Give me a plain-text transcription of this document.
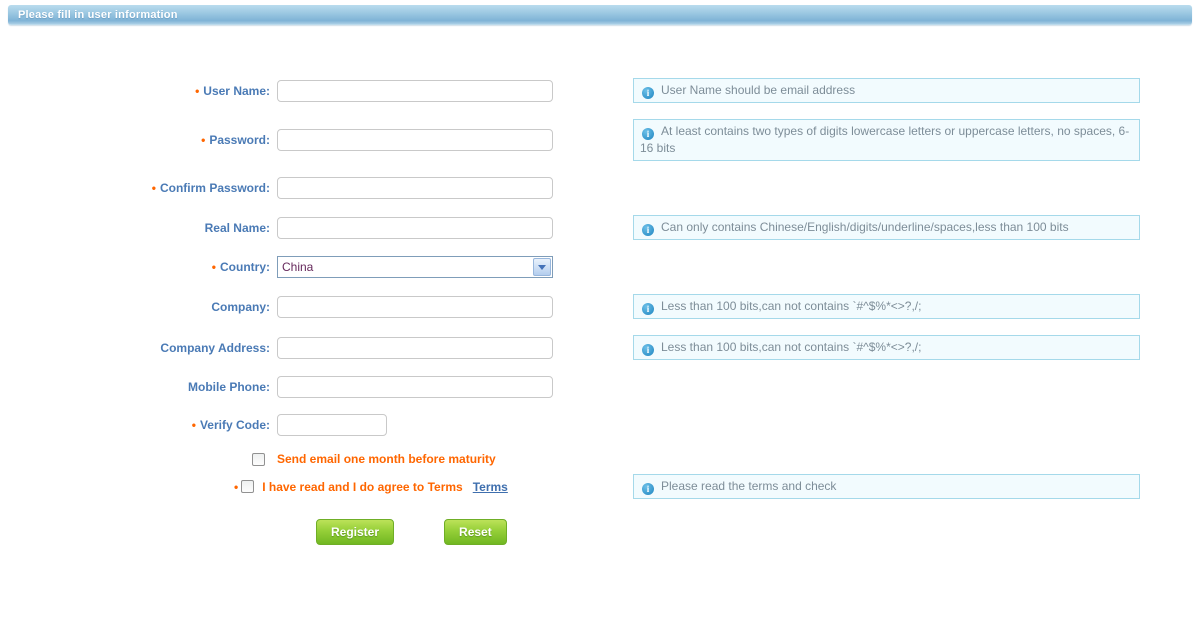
Please fill in user information
• User Name:	i User Name should be email address
• Password:	i At least contains two types of digits lowercase letters or uppercase letters, no spaces, 6-16 bits
• Confirm Password:
Real Name:	i Can only contains Chinese/English/digits/underline/spaces,less than 100 bits
• Country:	China
Company:	i Less than 100 bits,can not contains `#^$%*<>?,/;
Company Address:	i Less than 100 bits,can not contains `#^$%*<>?,/;
Mobile Phone:
• Verify Code:
Send email one month before maturity
• I have read and I do agree to Terms Terms	i Please read the terms and check
Register	Reset
